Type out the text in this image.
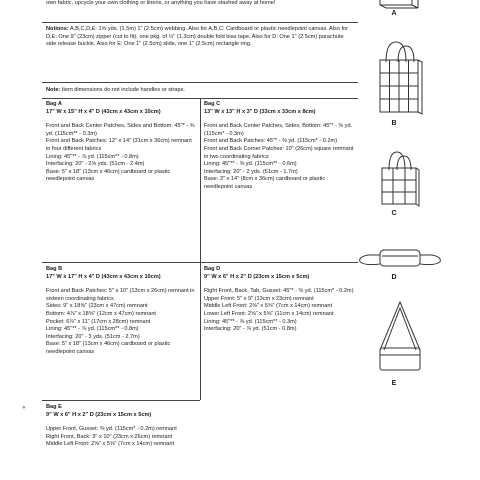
own fabric, upcycle your own clothing or linens, or anything you have stashed away at home!
Notions: A,B,C,D,E: 1⅝ yds. (1.5m) 1" (2.5cm) webbing. Also for A,B,C: Cardboard or plastic needlepoint canvas. Also for D,E: One 9" (23cm) zipper (cut to fit), one pkg. of ½" (1.3cm) double fold bias tape. Also for D: One 1" (2.5cm) parachute side release buckle. Also for E: One 1" (2.5cm) slide, one 1" (2.5cm) rectangle ring.
Note: Item dimensions do not include handles or straps.

Bag A

17" W x 15" H x 4" D (43cm x 43cm x 10cm)

Front and Back Center Patches, Sides and Bottom: 45"* - ⅜ yd. (115cm** - 0.3m)

Front and Back Patches: 12" x 14" (31cm x 36cm) remnant in four different fabrics

Lining: 45"** - ⅞ yd. (115cm** - 0.8m)

Interfacing: 20" - 2⅝ yds. (51cm - 2.4m)

Base: 5" x 18" (13cm x 46cm) cardboard or plastic needlepoint canvas

Bag C

13" W x 13" H x 3" D (33cm x 33cm x 8cm)

Front and Back Center Patches, Sides, Bottom: 45"* - ⅜ yd. (115cm* - 0.3m)

Front and Back Patches: 45"* - ⅜ yd. (115cm* - 0.2m)

Front and Back Corner Patches: 10" (26cm) square remnant in two coordinating fabrics

Lining: 45"** - ⅝ yd. (115cm** - 0.6m)

Interfacing: 20" - 2 yds. (51cm - 1.7m)

Base: 3" x 14" (8cm x 36cm) cardboard or plastic needlepoint canvas

Bag B

17" W x 17" H x 4" D (43cm x 43cm x 10cm)

Front and Back Patches: 5" x 10" (13cm x 26cm) remnant in sixteen coordinating fabrics

Sides: 9" x 18⅝" (23cm x 47cm) remnant

Bottom: 4⅞" x 18⅝" (12cm x 47cm) remnant

Pocket: 6⅞" x 11" (17cm x 28cm) remnant

Lining: 45"** - ⅞ yd. (115cm** - 0.8m)

Interfacing: 20" - 3 yds. (51cm - 2.7m)

Base: 5" x 18" (13cm x 46cm) cardboard or plastic needlepoint canvas

Bag D

9" W x 6" H x 2" D (23cm x 15cm x 5cm)

Right Front, Back, Tab, Gusset: 45"* - ⅜ yd. (115cm* - 0.2m)

Upper Front: 5" x 9" (13cm x 23cm) remnant

Middle Left Front: 2⅝" x 5⅝" (7cm x 14cm) remnant

Lower Left Front: 2⅝" x 5⅝" (11cm x 14cm) remnant

Lining: 45"** - ⅜ yd. (115cm** - 0.3m)

Interfacing: 20" - ⅞ yd. (51cm - 0.8m)

Bag E

9" W x 6" H x 2" D (23cm x 15cm x 5cm)

Upper Front, Gusset: ⅜ yd. (115cm* - 0.2m) remnant

Right Front, Back: 9" x 10" (23cm x 26cm) remnant

Middle Left Front: 2⅝" x 5⅝" (7cm x 14cm) remnant

A
B
C
D
E
●
